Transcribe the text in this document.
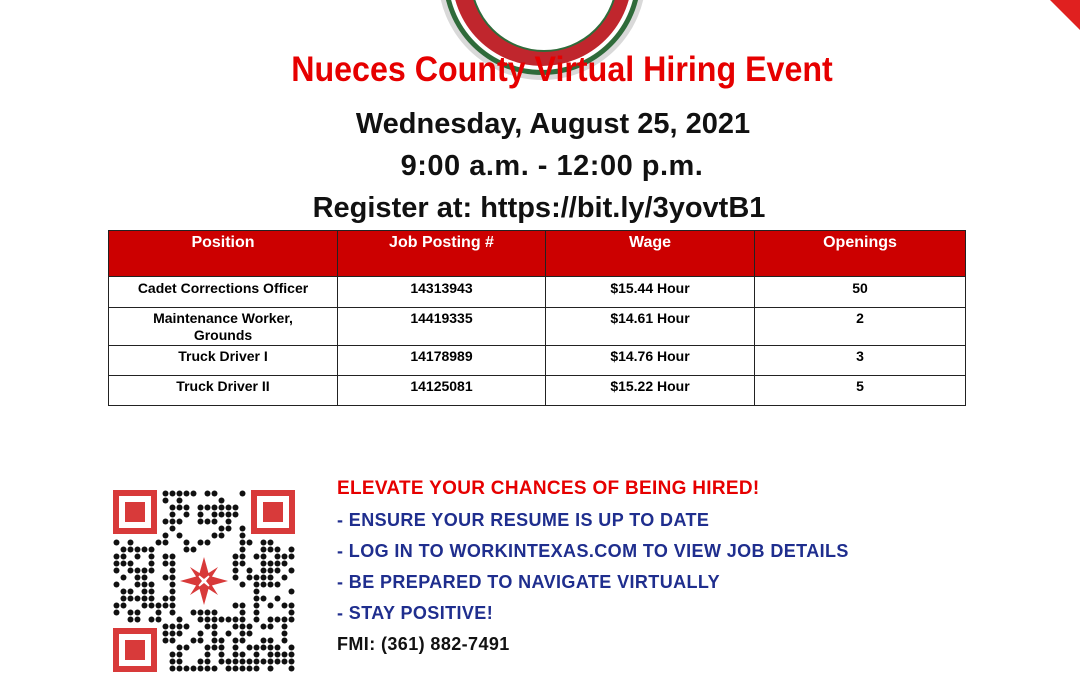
Nueces County Virtual Hiring Event
Wednesday, August 25, 2021
9:00 a.m. - 12:00 p.m.
Register at: https://bit.ly/3yovtB1
Position	Job Posting #	Wage	Openings
Cadet Corrections Officer	14313943	$15.44 Hour	50
Maintenance Worker, Grounds	14419335	$14.61 Hour	2
Truck Driver I	14178989	$14.76 Hour	3
Truck Driver II	14125081	$15.22 Hour	5
ELEVATE YOUR CHANCES OF BEING HIRED!
- ENSURE YOUR RESUME IS UP TO DATE
- LOG IN TO WORKINTEXAS.COM TO VIEW JOB DETAILS
- BE PREPARED TO NAVIGATE VIRTUALLY
- STAY POSITIVE!
FMI: (361) 882-7491
